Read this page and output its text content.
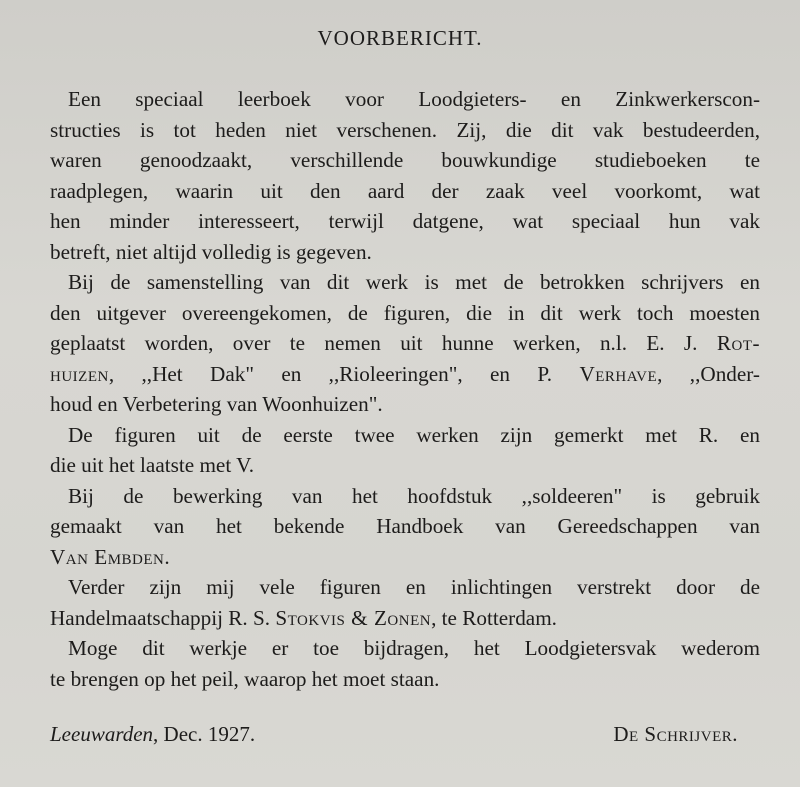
VOORBERICHT.
Een speciaal leerboek voor Loodgieters- en Zinkwerkerscon-
structies is tot heden niet verschenen. Zij, die dit vak bestudeerden,
waren genoodzaakt, verschillende bouwkundige studieboeken te
raadplegen, waarin uit den aard der zaak veel voorkomt, wat
hen minder interesseert, terwijl datgene, wat speciaal hun vak
betreft, niet altijd volledig is gegeven.
Bij de samenstelling van dit werk is met de betrokken schrijvers en
den uitgever overeengekomen, de figuren, die in dit werk toch moesten
geplaatst worden, over te nemen uit hunne werken, n.l. E. J. Rot-
huizen, ,,Het Dak" en ,,Rioleeringen", en P. Verhave, ,,Onder-
houd en Verbetering van Woonhuizen".
De figuren uit de eerste twee werken zijn gemerkt met R. en
die uit het laatste met V.
Bij de bewerking van het hoofdstuk ,,soldeeren" is gebruik
gemaakt van het bekende Handboek van Gereedschappen van
Van Embden.
Verder zijn mij vele figuren en inlichtingen verstrekt door de
Handelmaatschappij R. S. Stokvis & Zonen, te Rotterdam.
Moge dit werkje er toe bijdragen, het Loodgietersvak wederom
te brengen op het peil, waarop het moet staan.
Leeuwarden, Dec. 1927.	De Schrijver.
